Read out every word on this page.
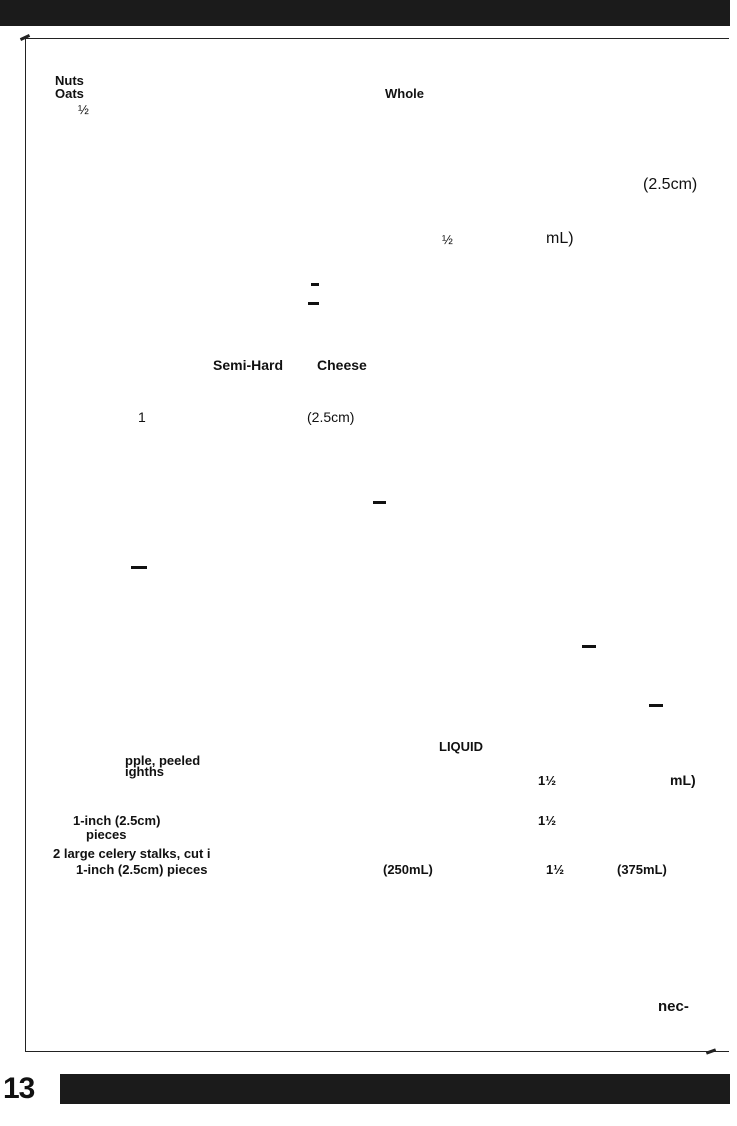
Nuts
Oats	Whole
½
(2.5cm)
½	mL)
Semi-Hard Cheese
1	(2.5cm)
LIQUID
pple, peeled
ighths
1½	mL)
1-inch (2.5cm)	1½
pieces
2 large celery stalks, cut i
1-inch (2.5cm) pieces	(250mL)	1½	(375mL)
nec-
13
